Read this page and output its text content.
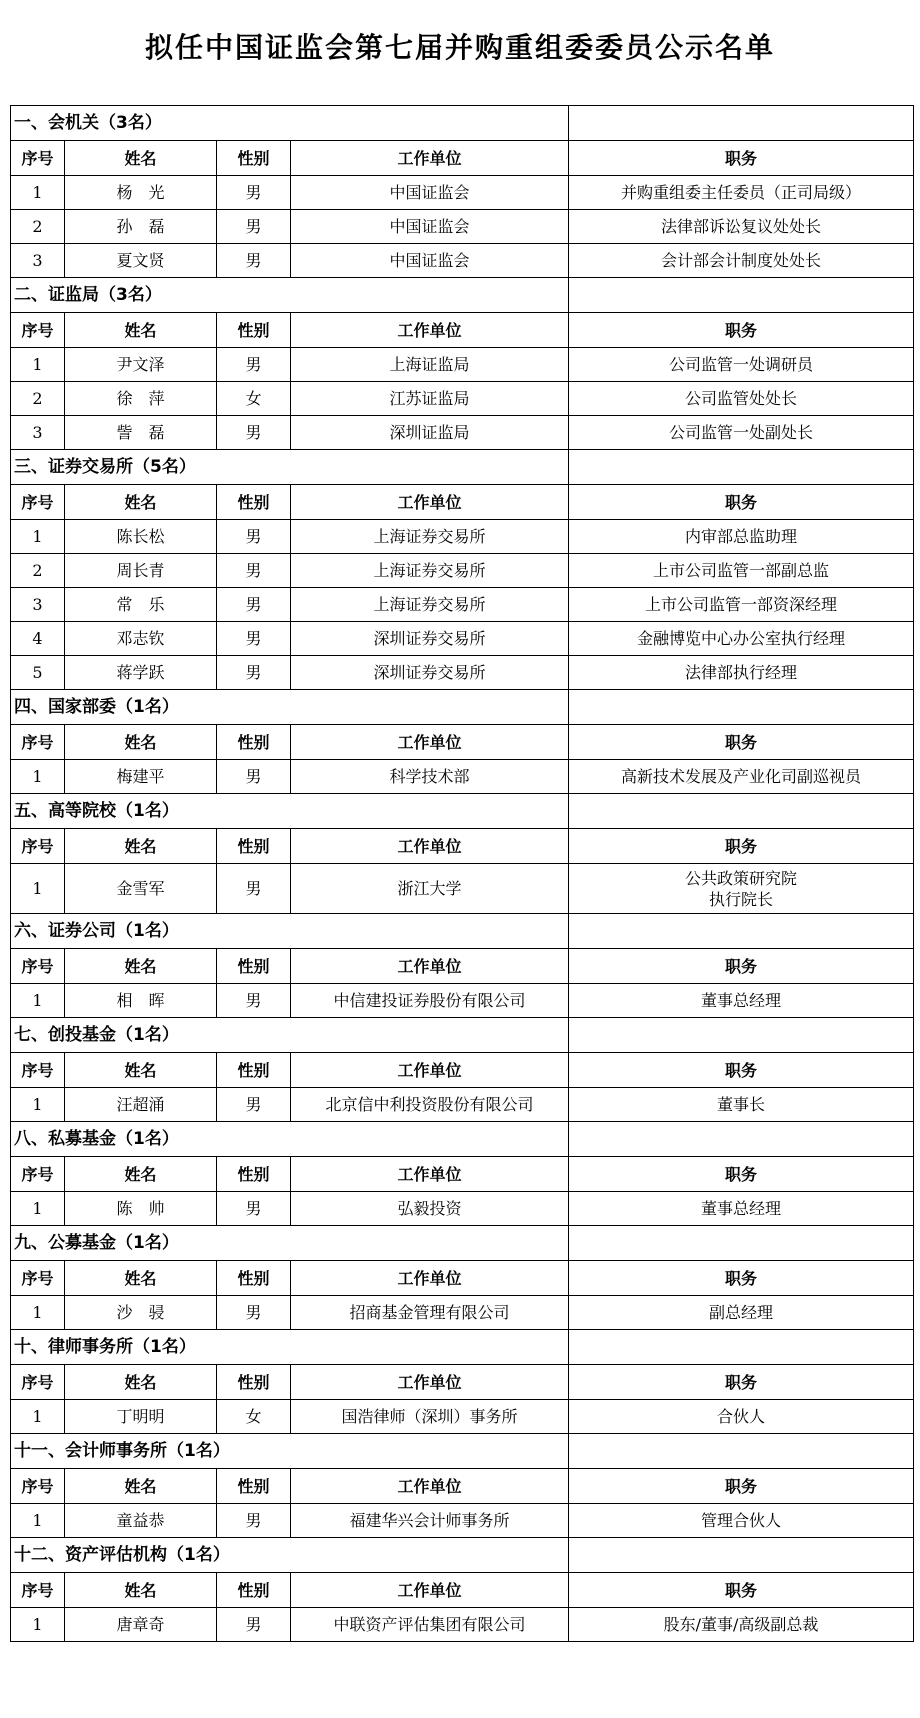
拟任中国证监会第七届并购重组委委员公示名单
一、会机关（3名）				
序号	姓名	性别	工作单位	职务
1	杨　光	男	中国证监会	并购重组委主任委员（正司局级）
2	孙　磊	男	中国证监会	法律部诉讼复议处处长
3	夏文贤	男	中国证监会	会计部会计制度处处长
二、证监局（3名）				
序号	姓名	性别	工作单位	职务
1	尹文泽	男	上海证监局	公司监管一处调研员
2	徐　萍	女	江苏证监局	公司监管处处长
3	訾　磊	男	深圳证监局	公司监管一处副处长
三、证券交易所（5名）				
序号	姓名	性别	工作单位	职务
1	陈长松	男	上海证券交易所	内审部总监助理
2	周长青	男	上海证券交易所	上市公司监管一部副总监
3	常　乐	男	上海证券交易所	上市公司监管一部资深经理
4	邓志钦	男	深圳证券交易所	金融博览中心办公室执行经理
5	蒋学跃	男	深圳证券交易所	法律部执行经理
四、国家部委（1名）				
序号	姓名	性别	工作单位	职务
1	梅建平	男	科学技术部	高新技术发展及产业化司副巡视员
五、高等院校（1名）				
序号	姓名	性别	工作单位	职务
1	金雪军	男	浙江大学	公共政策研究院
执行院长
六、证券公司（1名）				
序号	姓名	性别	工作单位	职务
1	相　晖	男	中信建投证券股份有限公司	董事总经理
七、创投基金（1名）				
序号	姓名	性别	工作单位	职务
1	汪超涌	男	北京信中利投资股份有限公司	董事长
八、私募基金（1名）				
序号	姓名	性别	工作单位	职务
1	陈　帅	男	弘毅投资	董事总经理
九、公募基金（1名）				
序号	姓名	性别	工作单位	职务
1	沙　骎	男	招商基金管理有限公司	副总经理
十、律师事务所（1名）				
序号	姓名	性别	工作单位	职务
1	丁明明	女	国浩律师（深圳）事务所	合伙人
十一、会计师事务所（1名）				
序号	姓名	性别	工作单位	职务
1	童益恭	男	福建华兴会计师事务所	管理合伙人
十二、资产评估机构（1名）				
序号	姓名	性别	工作单位	职务
1	唐章奇	男	中联资产评估集团有限公司	股东/董事/高级副总裁
